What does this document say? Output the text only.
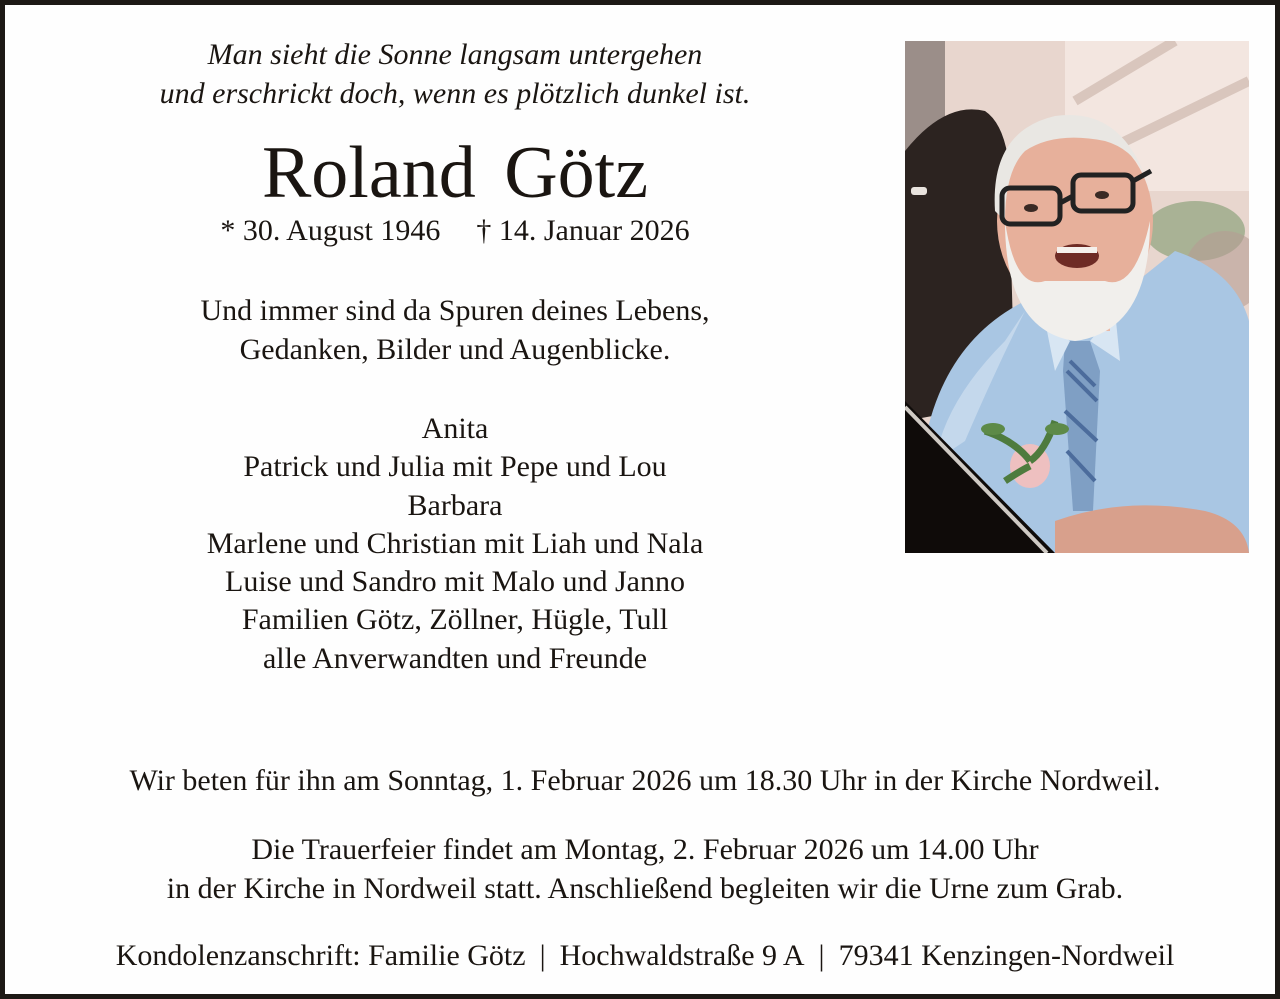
Man sieht die Sonne langsam untergehen
und erschrickt doch, wenn es plötzlich dunkel ist.

Roland Götz

* 30. August 1946 † 14. Januar 2026

Und immer sind da Spuren deines Lebens,
Gedanken, Bilder und Augenblicke.

Anita
Patrick und Julia mit Pepe und Lou
Barbara
Marlene und Christian mit Liah und Nala
Luise und Sandro mit Malo und Janno
Familien Götz, Zöllner, Hügle, Tull
alle Anverwandten und Freunde

Wir beten für ihn am Sonntag, 1. Februar 2026 um 18.30 Uhr in der Kirche Nordweil.

Die Trauerfeier findet am Montag, 2. Februar 2026 um 14.00 Uhr
in der Kirche in Nordweil statt. Anschließend begleiten wir die Urne zum Grab.

Kondolenzanschrift: Familie Götz | Hochwaldstraße 9 A | 79341 Kenzingen-Nordweil
